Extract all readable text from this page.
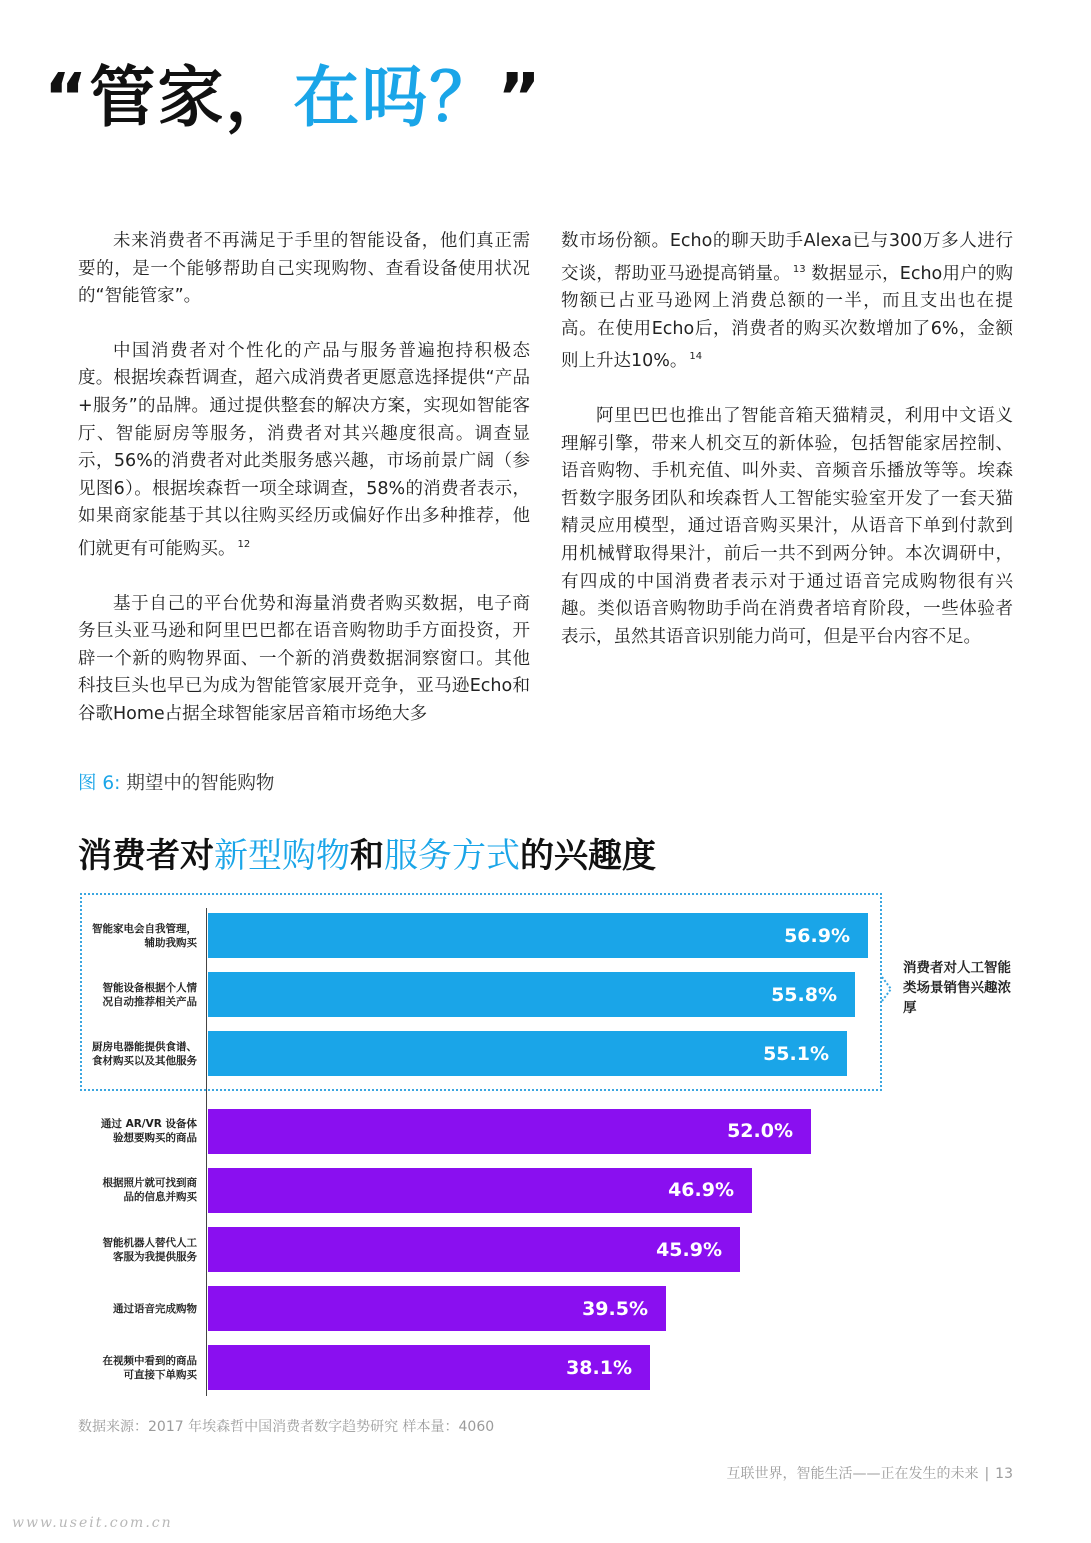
“管家，在吗？”

未来消费者不再满足于手里的智能设备，他们真正需要的，是一个能够帮助自己实现购物、查看设备使用状况的“智能管家”。

中国消费者对个性化的产品与服务普遍抱持积极态度。根据埃森哲调查，超六成消费者更愿意选择提供“产品+服务”的品牌。通过提供整套的解决方案，实现如智能客厅、智能厨房等服务，消费者对其兴趣度很高。调查显示，56%的消费者对此类服务感兴趣，市场前景广阔（参见图6）。根据埃森哲一项全球调查，58%的消费者表示，如果商家能基于其以往购买经历或偏好作出多种推荐，他们就更有可能购买。 $^{12}$

基于自己的平台优势和海量消费者购买数据，电子商务巨头亚马逊和阿里巴巴都在语音购物助手方面投资，开辟一个新的购物界面、一个新的消费数据洞察窗口。其他科技巨头也早已为成为智能管家展开竞争，亚马逊Echo和谷歌Home占据全球智能家居音箱市场绝大多

数市场份额。Echo的聊天助手Alexa已与300万多人进行交谈，帮助亚马逊提高销量。 $^{13}$ 数据显示，Echo用户的购物额已占亚马逊网上消费总额的一半，而且支出也在提高。在使用Echo后，消费者的购买次数增加了6%，金额则上升达10%。 $^{14}$

阿里巴巴也推出了智能音箱天猫精灵，利用中文语义理解引擎，带来人机交互的新体验，包括智能家居控制、语音购物、手机充值、叫外卖、音频音乐播放等等。埃森哲数字服务团队和埃森哲人工智能实验室开发了一套天猫精灵应用模型，通过语音购买果汁，从语音下单到付款到用机械臂取得果汁，前后一共不到两分钟。本次调研中，有四成的中国消费者表示对于通过语音完成购物很有兴趣。类似语音购物助手尚在消费者培育阶段，一些体验者表示，虽然其语音识别能力尚可，但是平台内容不足。

图 6: 期望中的智能购物
消费者对新型购物和服务方式的兴趣度
消费者对人工智能类场景销售兴趣浓厚
智能家电会自我管理，
辅助我购买	56.9%
智能设备根据个人情
况自动推荐相关产品	55.8%
厨房电器能提供食谱、
食材购买以及其他服务	55.1%
通过 AR/VR 设备体
验想要购买的商品	52.0%
根据照片就可找到商
品的信息并购买	46.9%
智能机器人替代人工
客服为我提供服务	45.9%
通过语音完成购物	39.5%
在视频中看到的商品
可直接下单购买	38.1%
数据来源：2017 年埃森哲中国消费者数字趋势研究 样本量：4060
互联世界，智能生活——正在发生的未来 | 13
www.useit.com.cn
